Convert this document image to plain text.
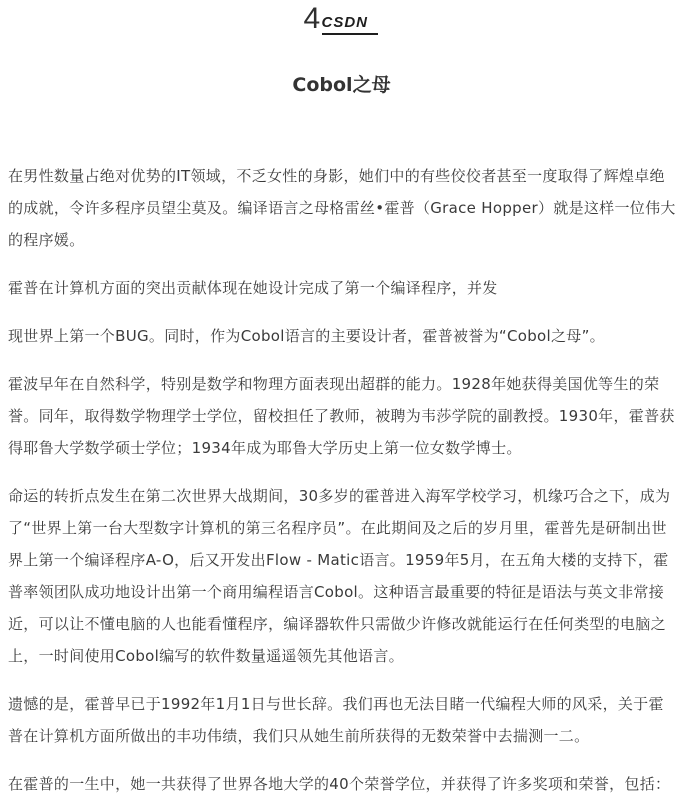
4 CSDN
Cobol之母

在男性数量占绝对优势的IT领域，不乏女性的身影，她们中的有些佼佼者甚至一度取得了辉煌卓绝的成就，令许多程序员望尘莫及。编译语言之母格雷丝•霍普（Grace Hopper）就是这样一位伟大的程序媛。

霍普在计算机方面的突出贡献体现在她设计完成了第一个编译程序，并发

现世界上第一个BUG。同时，作为Cobol语言的主要设计者，霍普被誉为“Cobol之母”。

霍波早年在自然科学，特别是数学和物理方面表现出超群的能力。1928年她获得美国优等生的荣誉。同年，取得数学物理学士学位，留校担任了教师，被聘为韦莎学院的副教授。1930年，霍普获得耶鲁大学数学硕士学位；1934年成为耶鲁大学历史上第一位女数学博士。

命运的转折点发生在第二次世界大战期间，30多岁的霍普进入海军学校学习，机缘巧合之下，成为了“世界上第一台大型数字计算机的第三名程序员”。在此期间及之后的岁月里，霍普先是研制出世界上第一个编译程序A-O，后又开发出Flow - Matic语言。1959年5月，在五角大楼的支持下，霍普率领团队成功地设计出第一个商用编程语言Cobol。这种语言最重要的特征是语法与英文非常接近，可以让不懂电脑的人也能看懂程序，编译器软件只需做少许修改就能运行在任何类型的电脑之上，一时间使用Cobol编写的软件数量遥遥领先其他语言。

遗憾的是，霍普早已于1992年1月1日与世长辞。我们再也无法目睹一代编程大师的风采，关于霍普在计算机方面所做出的丰功伟绩，我们只从她生前所获得的无数荣誉中去揣测一二。

在霍普的一生中，她一共获得了世界各地大学的40个荣誉学位，并获得了许多奖项和荣誉，包括：
